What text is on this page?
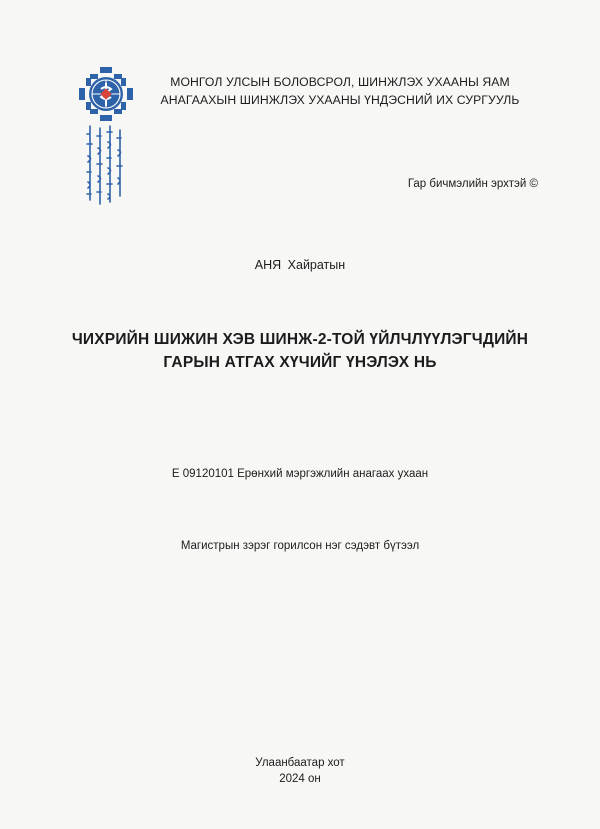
МОНГОЛ УЛСЫН БОЛОВСРОЛ, ШИНЖЛЭХ УХААНЫ ЯАМ
АНАГААХЫН ШИНЖЛЭХ УХААНЫ ҮНДЭСНИЙ ИХ СУРГУУЛЬ
Гар бичмэлийн эрхтэй ©
АНЯ Хайратын
ЧИХРИЙН ШИЖИН ХЭВ ШИНЖ-2-ТОЙ ҮЙЛЧЛҮҮЛЭГЧДИЙН
ГАРЫН АТГАХ ХҮЧИЙГ ҮНЭЛЭХ НЬ
E 09120101 Ерөнхий мэргэжлийн анагаах ухаан
Магистрын зэрэг горилсон нэг сэдэвт бүтээл
Улаанбаатар хот
2024 он
